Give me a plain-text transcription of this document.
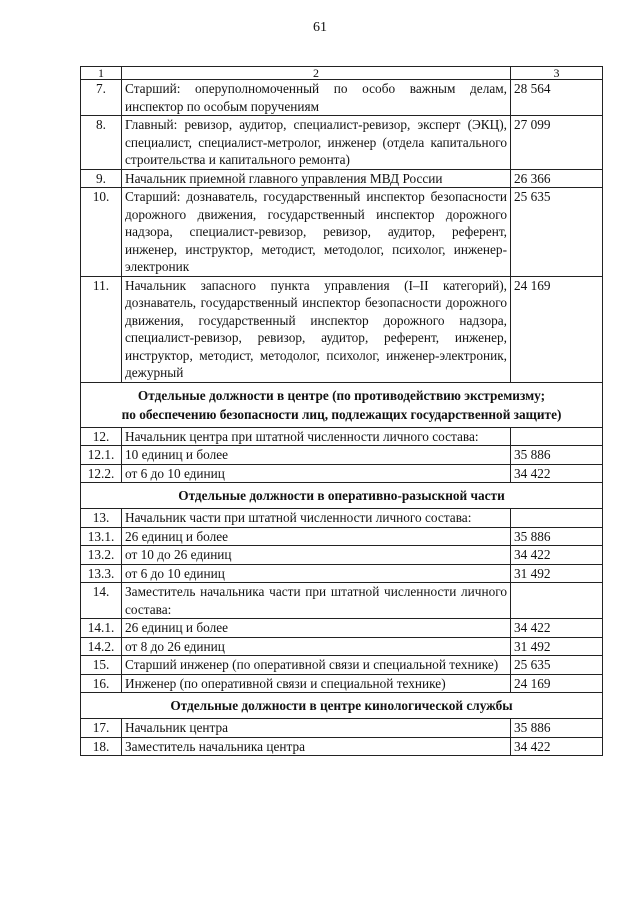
61
1	2	3
7.	Старший: оперуполномоченный по особо важным делам, инспектор по особым поручениям	28 564
8.	Главный: ревизор, аудитор, специалист-ревизор, эксперт (ЭКЦ), специалист, специалист-метролог, инженер (отдела капитального строительства и капитального ремонта)	27 099
9.	Начальник приемной главного управления МВД России	26 366
10.	Старший: дознаватель, государственный инспектор безопасности дорожного движения, государственный инспектор дорожного надзора, специалист-ревизор, ревизор, аудитор, референт, инженер, инструктор, методист, методолог, психолог, инженер-электроник	25 635
11.	Начальник запасного пункта управления (I–II категорий), дознаватель, государственный инспектор безопасности дорожного движения, государственный инспектор дорожного надзора, специалист-ревизор, ревизор, аудитор, референт, инженер, инструктор, методист, методолог, психолог, инженер-электроник, дежурный	24 169

Отдельные должности в центре (по противодействию экстремизму;
по обеспечению безопасности лиц, подлежащих государственной защите)		

12.	Начальник центра при штатной численности личного состава:	
12.1.	10 единиц и более	35 886
12.2.	от 6 до 10 единиц	34 422

Отдельные должности в оперативно-разыскной части		

13.	Начальник части при штатной численности личного состава:	
13.1.	26 единиц и более	35 886
13.2.	от 10 до 26 единиц	34 422
13.3.	от 6 до 10 единиц	31 492
14.	Заместитель начальника части при штатной численности личного состава:	
14.1.	26 единиц и более	34 422
14.2.	от 8 до 26 единиц	31 492
15.	Старший инженер (по оперативной связи и специальной технике)	25 635
16.	Инженер (по оперативной связи и специальной технике)	24 169

Отдельные должности в центре кинологической службы		

17.	Начальник центра	35 886
18.	Заместитель начальника центра	34 422
